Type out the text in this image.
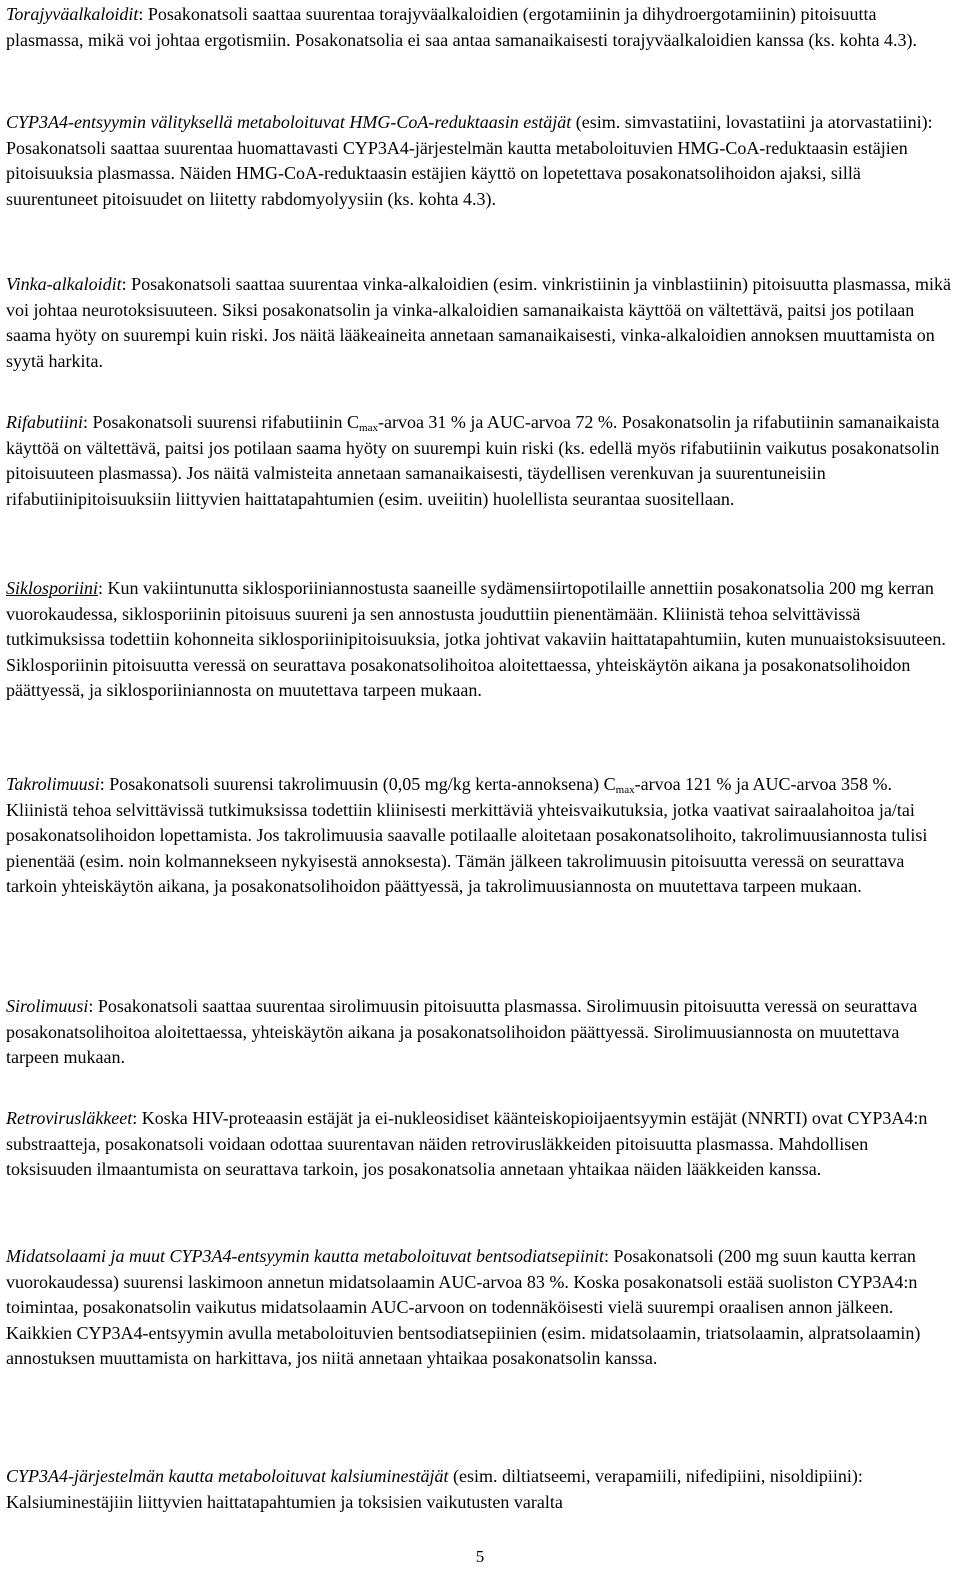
Torajyväalkaloidit: Posakonatsoli saattaa suurentaa torajyväalkaloidien (ergotamiinin ja dihydroergotamiinin) pitoisuutta plasmassa, mikä voi johtaa ergotismiin. Posakonatsolia ei saa antaa samanaikaisesti torajyväalkaloidien kanssa (ks. kohta 4.3).

CYP3A4-entsyymin välityksellä metaboloituvat HMG-CoA-reduktaasin estäjät (esim. simvastatiini, lovastatiini ja atorvastatiini): Posakonatsoli saattaa suurentaa huomattavasti CYP3A4-järjestelmän kautta metaboloituvien HMG-CoA-reduktaasin estäjien pitoisuuksia plasmassa. Näiden HMG-CoA-reduktaasin estäjien käyttö on lopetettava posakonatsolihoidon ajaksi, sillä suurentuneet pitoisuudet on liitetty rabdomyolyysiin (ks. kohta 4.3).

Vinka-alkaloidit: Posakonatsoli saattaa suurentaa vinka-alkaloidien (esim. vinkristiinin ja vinblastiinin) pitoisuutta plasmassa, mikä voi johtaa neurotoksisuuteen. Siksi posakonatsolin ja vinka-alkaloidien samanaikaista käyttöä on vältettävä, paitsi jos potilaan saama hyöty on suurempi kuin riski. Jos näitä lääkeaineita annetaan samanaikaisesti, vinka-alkaloidien annoksen muuttamista on syytä harkita.

Rifabutiini: Posakonatsoli suurensi rifabutiinin $C_{max}$-arvoa 31 % ja AUC-arvoa 72 %. Posakonatsolin ja rifabutiinin samanaikaista käyttöä on vältettävä, paitsi jos potilaan saama hyöty on suurempi kuin riski (ks. edellä myös rifabutiinin vaikutus posakonatsolin pitoisuuteen plasmassa). Jos näitä valmisteita annetaan samanaikaisesti, täydellisen verenkuvan ja suurentuneisiin rifabutiinipitoisuuksiin liittyvien haittatapahtumien (esim. uveiitin) huolellista seurantaa suositellaan.

Siklosporiini: Kun vakiintunutta siklosporiiniannostusta saaneille sydämensiirtopotilaille annettiin posakonatsolia 200 mg kerran vuorokaudessa, siklosporiinin pitoisuus suureni ja sen annostusta jouduttiin pienentämään. Kliinistä tehoa selvittävissä tutkimuksissa todettiin kohonneita siklosporiinipitoisuuksia, jotka johtivat vakaviin haittatapahtumiin, kuten munuaistoksisuuteen. Siklosporiinin pitoisuutta veressä on seurattava posakonatsolihoitoa aloitettaessa, yhteiskäytön aikana ja posakonatsolihoidon päättyessä, ja siklosporiiniannosta on muutettava tarpeen mukaan.

Takrolimuusi: Posakonatsoli suurensi takrolimuusin (0,05 mg/kg kerta-annoksena) $C_{max}$-arvoa 121 % ja AUC-arvoa 358 %. Kliinistä tehoa selvittävissä tutkimuksissa todettiin kliinisesti merkittäviä yhteisvaikutuksia, jotka vaativat sairaalahoitoa ja/tai posakonatsolihoidon lopettamista. Jos takrolimuusia saavalle potilaalle aloitetaan posakonatsolihoito, takrolimuusiannosta tulisi pienentää (esim. noin kolmannekseen nykyisestä annoksesta). Tämän jälkeen takrolimuusin pitoisuutta veressä on seurattava tarkoin yhteiskäytön aikana, ja posakonatsolihoidon päättyessä, ja takrolimuusiannosta on muutettava tarpeen mukaan.

Sirolimuusi: Posakonatsoli saattaa suurentaa sirolimuusin pitoisuutta plasmassa. Sirolimuusin pitoisuutta veressä on seurattava posakonatsolihoitoa aloitettaessa, yhteiskäytön aikana ja posakonatsolihoidon päättyessä. Sirolimuusiannosta on muutettava tarpeen mukaan.

Retrovirusläkkeet: Koska HIV-proteaasin estäjät ja ei-nukleosidiset käänteiskopioijaentsyymin estäjät (NNRTI) ovat CYP3A4:n substraatteja, posakonatsoli voidaan odottaa suurentavan näiden retrovirusläkkeiden pitoisuutta plasmassa. Mahdollisen toksisuuden ilmaantumista on seurattava tarkoin, jos posakonatsolia annetaan yhtaikaa näiden lääkkeiden kanssa.

Midatsolaami ja muut CYP3A4-entsyymin kautta metaboloituvat bentsodiatsepiinit: Posakonatsoli (200 mg suun kautta kerran vuorokaudessa) suurensi laskimoon annetun midatsolaamin AUC-arvoa 83 %. Koska posakonatsoli estää suoliston CYP3A4:n toimintaa, posakonatsolin vaikutus midatsolaamin AUC-arvoon on todennäköisesti vielä suurempi oraalisen annon jälkeen. Kaikkien CYP3A4-entsyymin avulla metaboloituvien bentsodiatsepiinien (esim. midatsolaamin, triatsolaamin, alpratsolaamin) annostuksen muuttamista on harkittava, jos niitä annetaan yhtaikaa posakonatsolin kanssa.

CYP3A4-järjestelmän kautta metaboloituvat kalsiuminestäjät (esim. diltiatseemi, verapamiili, nifedipiini, nisoldipiini): Kalsiuminestäjiin liittyvien haittatapahtumien ja toksisien vaikutusten varalta

5
